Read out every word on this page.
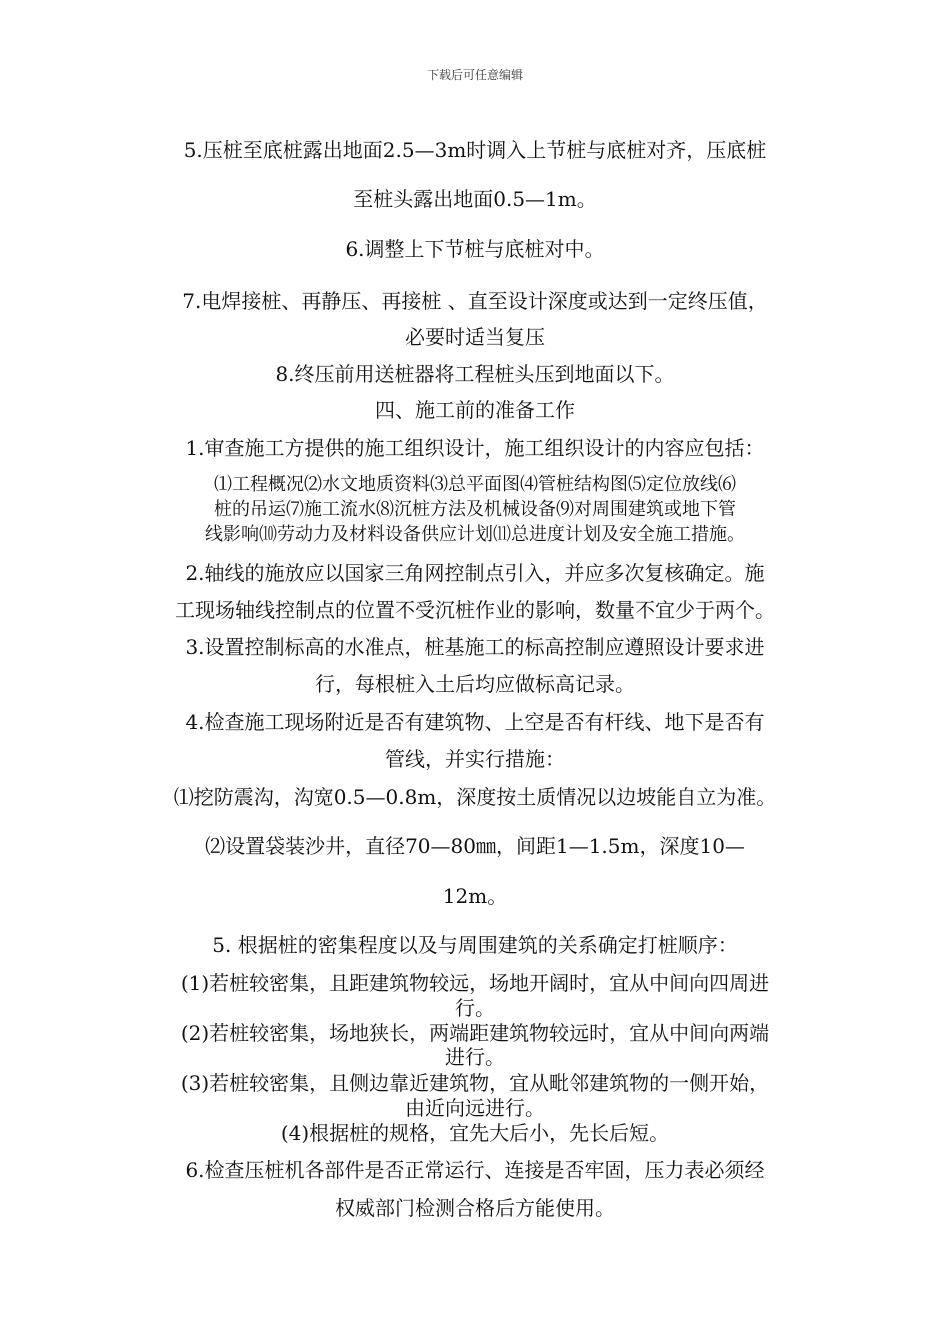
下载后可任意编辑
5.压桩至底桩露出地面2.5—3m时调入上节桩与底桩对齐，压底桩
至桩头露出地面0.5—1m。
6.调整上下节桩与底桩对中。
7.电焊接桩、再静压、再接桩 、直至设计深度或达到一定终压值，
必要时适当复压
8.终压前用送桩器将工程桩头压到地面以下。
四、施工前的准备工作
1.审查施工方提供的施工组织设计，施工组织设计的内容应包括：
⑴工程概况⑵水文地质资料⑶总平面图⑷管桩结构图⑸定位放线⑹
桩的吊运⑺施工流水⑻沉桩方法及机械设备⑼对周围建筑或地下管
线影响⑽劳动力及材料设备供应计划⑾总进度计划及安全施工措施。
2.轴线的施放应以国家三角网控制点引入，并应多次复核确定。施
工现场轴线控制点的位置不受沉桩作业的影响，数量不宜少于两个。
3.设置控制标高的水准点，桩基施工的标高控制应遵照设计要求进
行，每根桩入土后均应做标高记录。
4.检查施工现场附近是否有建筑物、上空是否有杆线、地下是否有
管线，并实行措施：
⑴挖防震沟，沟宽0.5—0.8m，深度按土质情况以边坡能自立为准。
⑵设置袋装沙井，直径70—80㎜，间距1—1.5m，深度10—
12m。
5. 根据桩的密集程度以及与周围建筑的关系确定打桩顺序：
(1)若桩较密集，且距建筑物较远，场地开阔时，宜从中间向四周进
行。
(2)若桩较密集，场地狭长，两端距建筑物较远时，宜从中间向两端
进行。
(3)若桩较密集，且侧边靠近建筑物，宜从毗邻建筑物的一侧开始，
由近向远进行。
(4)根据桩的规格，宜先大后小，先长后短。
6.检查压桩机各部件是否正常运行、连接是否牢固，压力表必须经
权威部门检测合格后方能使用。
